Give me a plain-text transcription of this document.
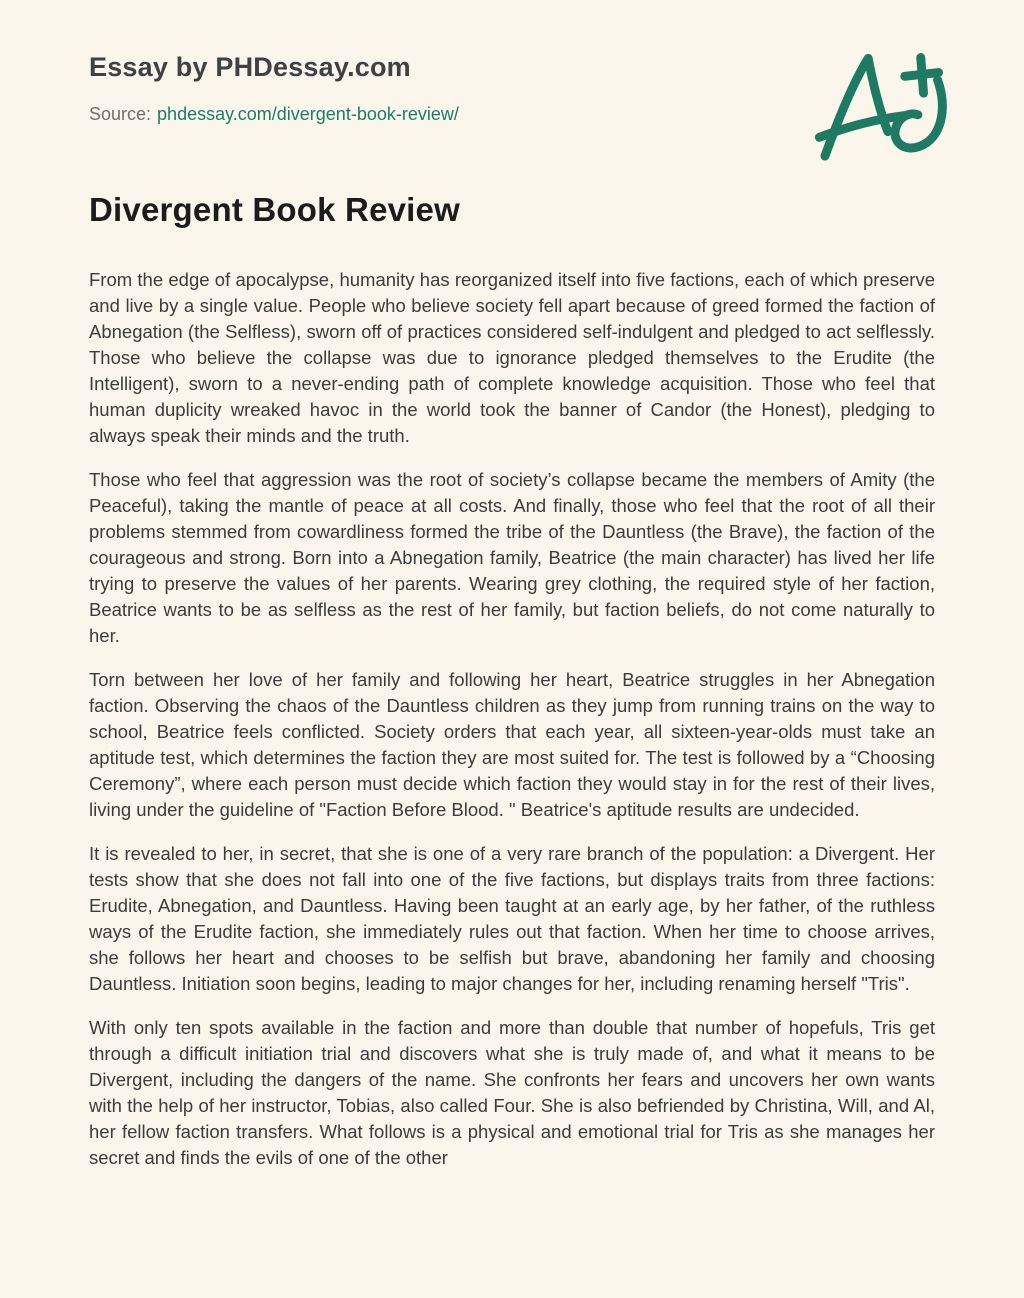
Essay by PHDessay.com
Source: phdessay.com/divergent-book-review/
Divergent Book Review

From the edge of apocalypse, humanity has reorganized itself into five factions, each of which preserve and live by a single value. People who believe society fell apart because of greed formed the faction of Abnegation (the Selfless), sworn off of practices considered self-indulgent and pledged to act selflessly. Those who believe the collapse was due to ignorance pledged themselves to the Erudite (the Intelligent), sworn to a never-ending path of complete knowledge acquisition. Those who feel that human duplicity wreaked havoc in the world took the banner of Candor (the Honest), pledging to always speak their minds and the truth.

Those who feel that aggression was the root of society’s collapse became the members of Amity (the Peaceful), taking the mantle of peace at all costs. And finally, those who feel that the root of all their problems stemmed from cowardliness formed the tribe of the Dauntless (the Brave), the faction of the courageous and strong. Born into a Abnegation family, Beatrice (the main character) has lived her life trying to preserve the values of her parents. Wearing grey clothing, the required style of her faction, Beatrice wants to be as selfless as the rest of her family, but faction beliefs, do not come naturally to her.

Torn between her love of her family and following her heart, Beatrice struggles in her Abnegation faction. Observing the chaos of the Dauntless children as they jump from running trains on the way to school, Beatrice feels conflicted. Society orders that each year, all sixteen-year-olds must take an aptitude test, which determines the faction they are most suited for. The test is followed by a “Choosing Ceremony”, where each person must decide which faction they would stay in for the rest of their lives, living under the guideline of "Faction Before Blood. " Beatrice's aptitude results are undecided.

It is revealed to her, in secret, that she is one of a very rare branch of the population: a Divergent. Her tests show that she does not fall into one of the five factions, but displays traits from three factions: Erudite, Abnegation, and Dauntless. Having been taught at an early age, by her father, of the ruthless ways of the Erudite faction, she immediately rules out that faction. When her time to choose arrives, she follows her heart and chooses to be selfish but brave, abandoning her family and choosing Dauntless. Initiation soon begins, leading to major changes for her, including renaming herself "Tris".

With only ten spots available in the faction and more than double that number of hopefuls, Tris get through a difficult initiation trial and discovers what she is truly made of, and what it means to be Divergent, including the dangers of the name. She confronts her fears and uncovers her own wants with the help of her instructor, Tobias, also called Four. She is also befriended by Christina, Will, and Al, her fellow faction transfers. What follows is a physical and emotional trial for Tris as she manages her secret and finds the evils of one of the other
